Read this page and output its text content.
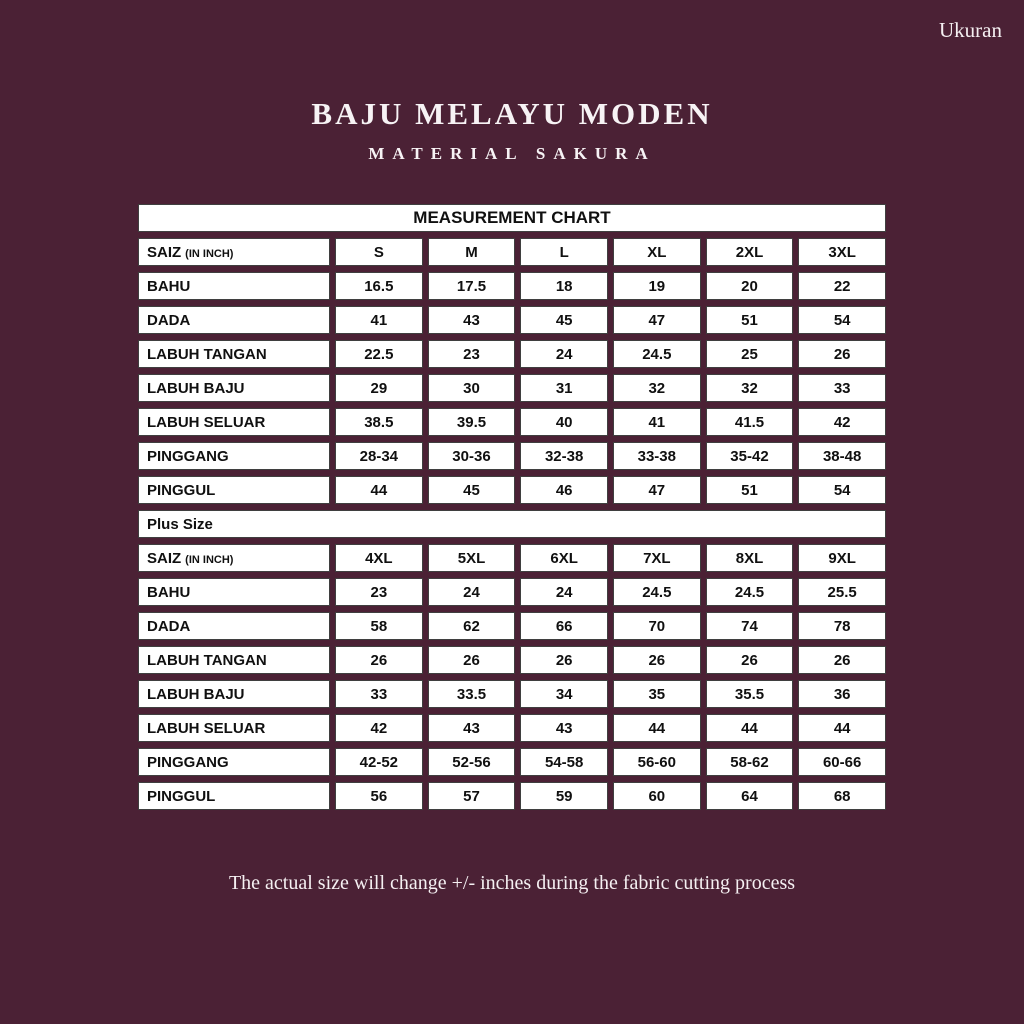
Ukuran
BAJU MELAYU MODEN
MATERIAL SAKURA
MEASUREMENT CHART
SAIZ (IN INCH)	S	M	L	XL	2XL	3XL
BAHU	16.5	17.5	18	19	20	22
DADA	41	43	45	47	51	54
LABUH TANGAN	22.5	23	24	24.5	25	26
LABUH BAJU	29	30	31	32	32	33
LABUH SELUAR	38.5	39.5	40	41	41.5	42
PINGGANG	28-34	30-36	32-38	33-38	35-42	38-48
PINGGUL	44	45	46	47	51	54
Plus Size
SAIZ (IN INCH)	4XL	5XL	6XL	7XL	8XL	9XL
BAHU	23	24	24	24.5	24.5	25.5
DADA	58	62	66	70	74	78
LABUH TANGAN	26	26	26	26	26	26
LABUH BAJU	33	33.5	34	35	35.5	36
LABUH SELUAR	42	43	43	44	44	44
PINGGANG	42-52	52-56	54-58	56-60	58-62	60-66
PINGGUL	56	57	59	60	64	68
The actual size will change +/- inches during the fabric cutting process
